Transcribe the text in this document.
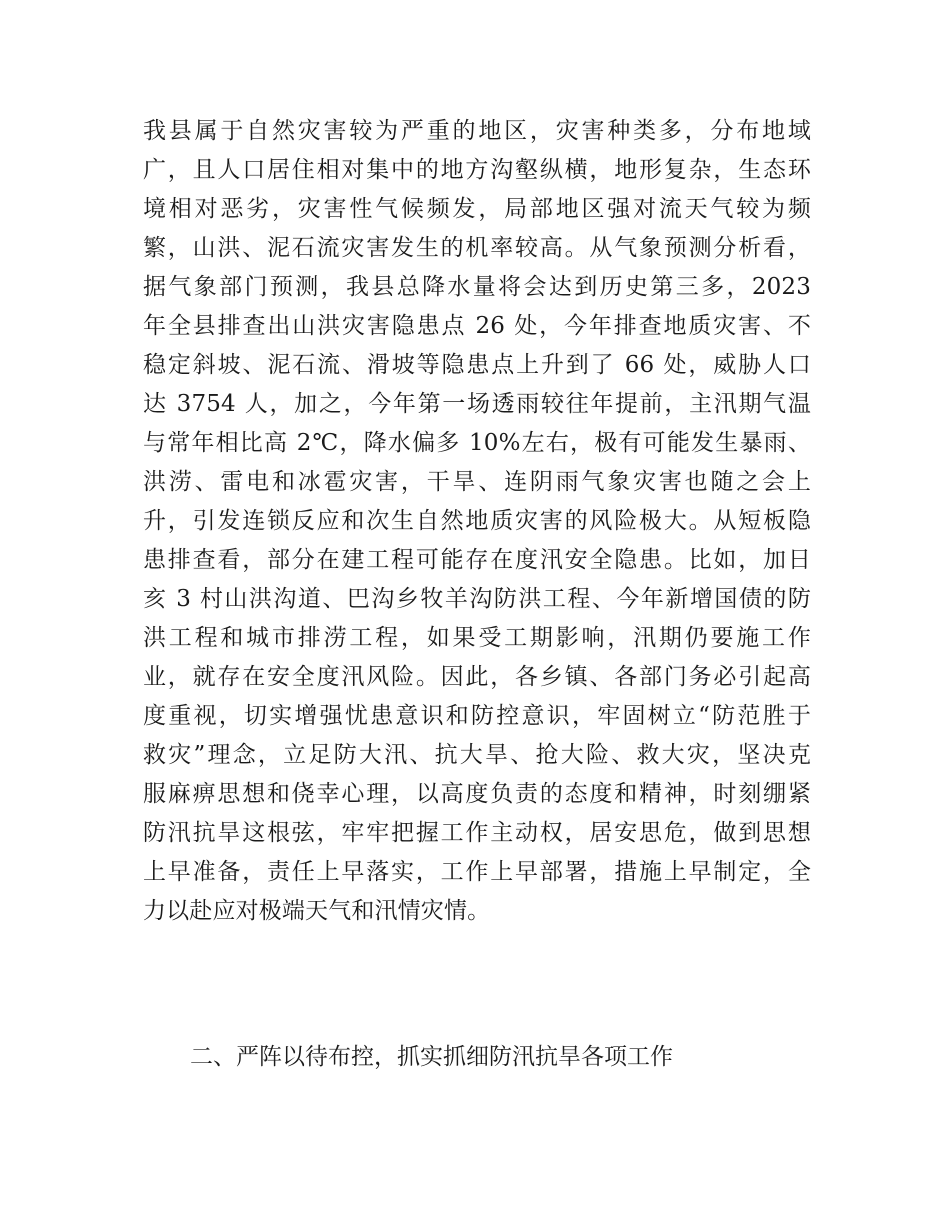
我县属于自然灾害较为严重的地区，灾害种类多，分布地域
广，且人口居住相对集中的地方沟壑纵横，地形复杂，生态环
境相对恶劣，灾害性气候频发，局部地区强对流天气较为频
繁，山洪、泥石流灾害发生的机率较高。从气象预测分析看，
据气象部门预测，我县总降水量将会达到历史第三多，2023
年全县排查出山洪灾害隐患点 26 处，今年排查地质灾害、不
稳定斜坡、泥石流、滑坡等隐患点上升到了 66 处，威胁人口
达 3754 人，加之，今年第一场透雨较往年提前，主汛期气温
与常年相比高 2℃，降水偏多 10%左右，极有可能发生暴雨、
洪涝、雷电和冰雹灾害，干旱、连阴雨气象灾害也随之会上
升，引发连锁反应和次生自然地质灾害的风险极大。从短板隐
患排查看，部分在建工程可能存在度汛安全隐患。比如，加日
亥 3 村山洪沟道、巴沟乡牧羊沟防洪工程、今年新增国债的防
洪工程和城市排涝工程，如果受工期影响，汛期仍要施工作
业，就存在安全度汛风险。因此，各乡镇、各部门务必引起高
度重视，切实增强忧患意识和防控意识，牢固树立“防范胜于
救灾”理念，立足防大汛、抗大旱、抢大险、救大灾，坚决克
服麻痹思想和侥幸心理，以高度负责的态度和精神，时刻绷紧
防汛抗旱这根弦，牢牢把握工作主动权，居安思危，做到思想
上早准备，责任上早落实，工作上早部署，措施上早制定，全
力以赴应对极端天气和汛情灾情。
二、严阵以待布控，抓实抓细防汛抗旱各项工作
